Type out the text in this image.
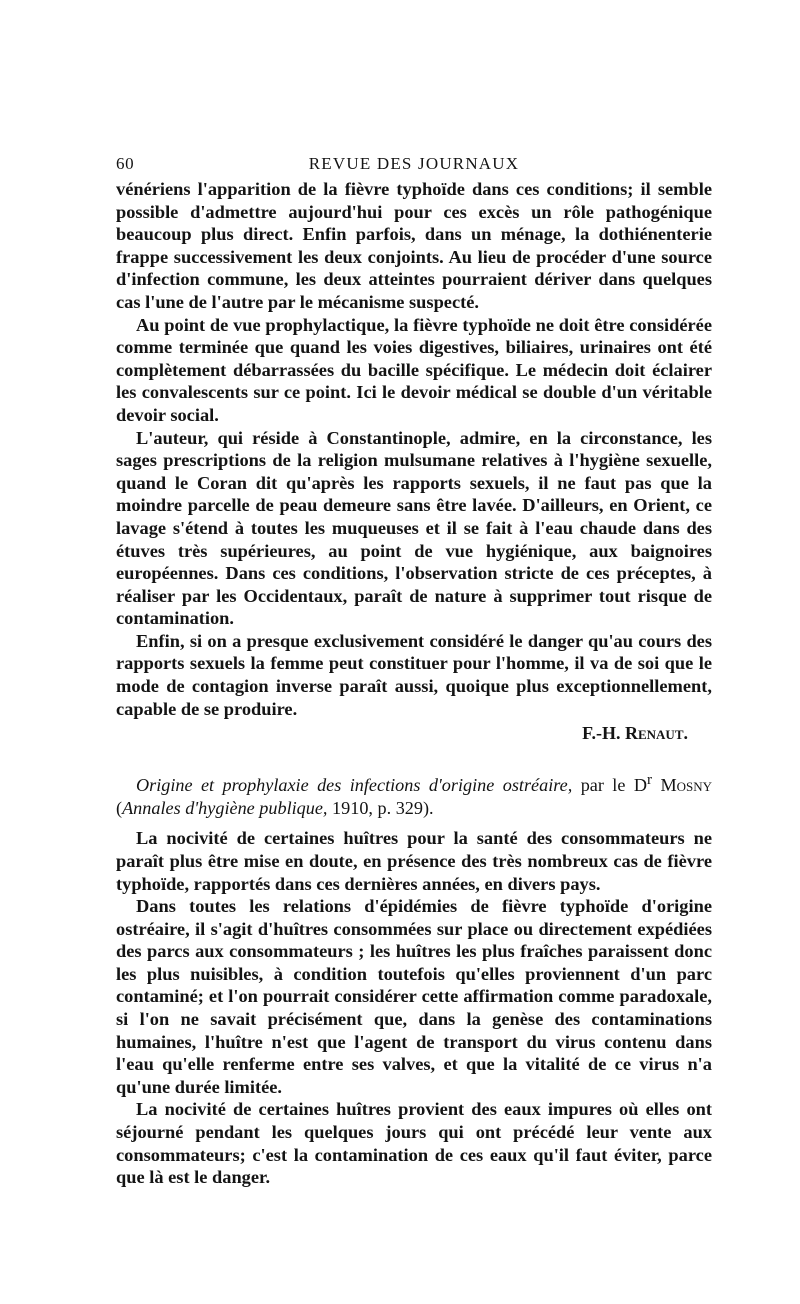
60	REVUE DES JOURNAUX

vénériens l'apparition de la fièvre typhoïde dans ces conditions; il semble possible d'admettre aujourd'hui pour ces excès un rôle pathogénique beaucoup plus direct. Enfin parfois, dans un ménage, la dothiénenterie frappe successivement les deux conjoints. Au lieu de procéder d'une source d'infection commune, les deux atteintes pourraient dériver dans quelques cas l'une de l'autre par le mécanisme suspecté.

Au point de vue prophylactique, la fièvre typhoïde ne doit être considérée comme terminée que quand les voies digestives, biliaires, urinaires ont été complètement débarrassées du bacille spécifique. Le médecin doit éclairer les convalescents sur ce point. Ici le devoir médical se double d'un véritable devoir social.

L'auteur, qui réside à Constantinople, admire, en la circonstance, les sages prescriptions de la religion mulsumane relatives à l'hygiène sexuelle, quand le Coran dit qu'après les rapports sexuels, il ne faut pas que la moindre parcelle de peau demeure sans être lavée. D'ailleurs, en Orient, ce lavage s'étend à toutes les muqueuses et il se fait à l'eau chaude dans des étuves très supérieures, au point de vue hygiénique, aux baignoires européennes. Dans ces conditions, l'observation stricte de ces préceptes, à réaliser par les Occidentaux, paraît de nature à supprimer tout risque de contamination.

Enfin, si on a presque exclusivement considéré le danger qu'au cours des rapports sexuels la femme peut constituer pour l'homme, il va de soi que le mode de contagion inverse paraît aussi, quoique plus exceptionnellement, capable de se produire.

F.-H. Renaut.
Origine et prophylaxie des infections d'origine ostréaire, par le $D^r$ Mosny (Annales d'hygiène publique, 1910, p. 329).

La nocivité de certaines huîtres pour la santé des consommateurs ne paraît plus être mise en doute, en présence des très nombreux cas de fièvre typhoïde, rapportés dans ces dernières années, en divers pays.

Dans toutes les relations d'épidémies de fièvre typhoïde d'origine ostréaire, il s'agit d'huîtres consommées sur place ou directement expédiées des parcs aux consommateurs ; les huîtres les plus fraîches paraissent donc les plus nuisibles, à condition toutefois qu'elles proviennent d'un parc contaminé; et l'on pourrait considérer cette affirmation comme paradoxale, si l'on ne savait précisément que, dans la genèse des contaminations humaines, l'huître n'est que l'agent de transport du virus contenu dans l'eau qu'elle renferme entre ses valves, et que la vitalité de ce virus n'a qu'une durée limitée.

La nocivité de certaines huîtres provient des eaux impures où elles ont séjourné pendant les quelques jours qui ont précédé leur vente aux consommateurs; c'est la contamination de ces eaux qu'il faut éviter, parce que là est le danger.
